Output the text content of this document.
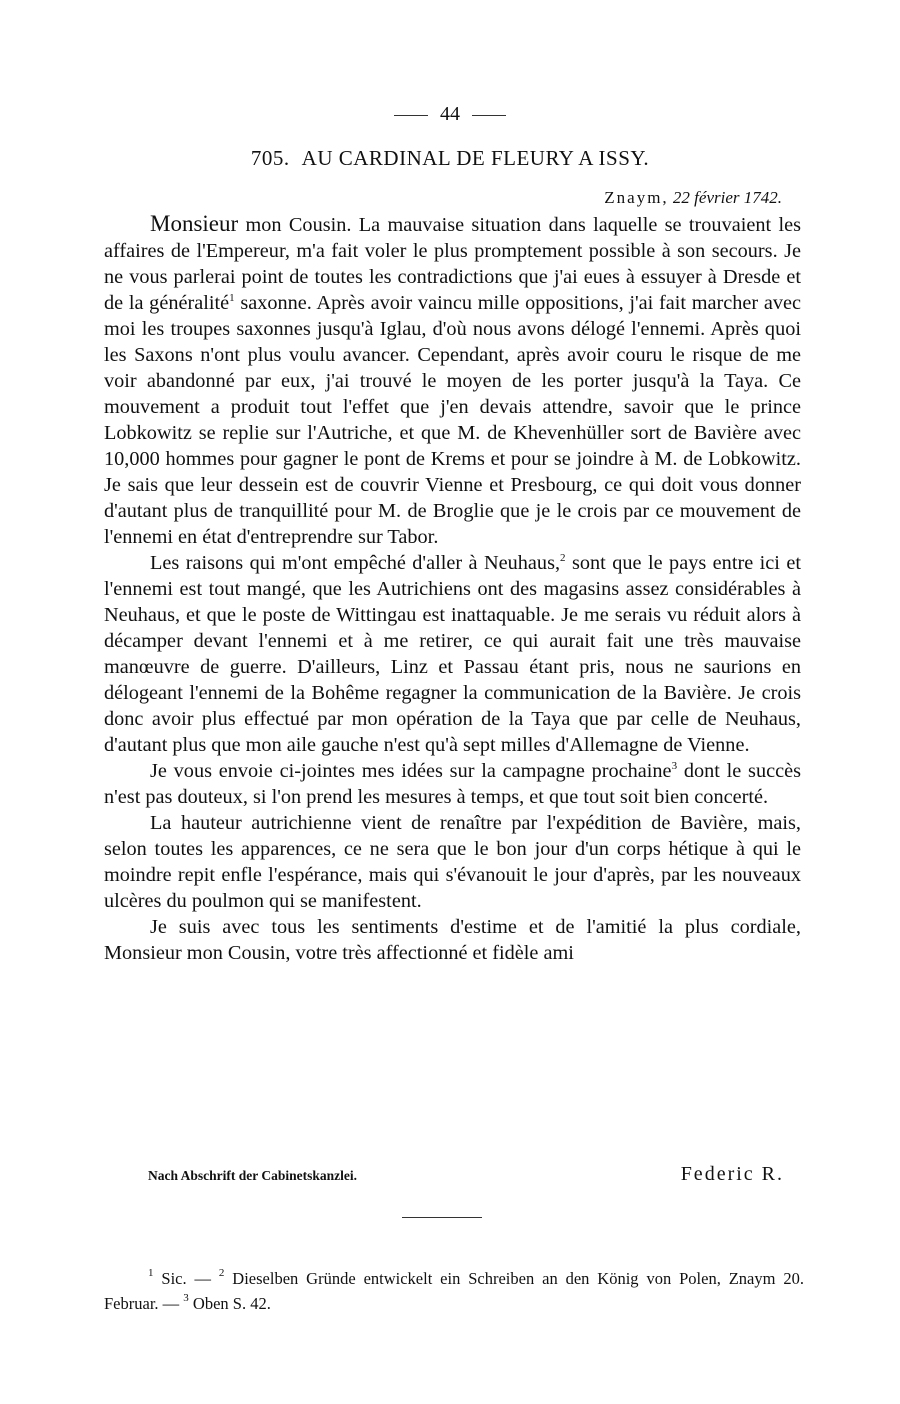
44
705. AU CARDINAL DE FLEURY A ISSY.
Znaym, 22 février 1742.

Monsieur mon Cousin. La mauvaise situation dans laquelle se trouvaient les affaires de l'Empereur, m'a fait voler le plus promptement possible à son secours. Je ne vous parlerai point de toutes les contradictions que j'ai eues à essuyer à Dresde et de la généralité$^1$ saxonne. Après avoir vaincu mille oppositions, j'ai fait marcher avec moi les troupes saxonnes jusqu'à Iglau, d'où nous avons délogé l'ennemi. Après quoi les Saxons n'ont plus voulu avancer. Cependant, après avoir couru le risque de me voir abandonné par eux, j'ai trouvé le moyen de les porter jusqu'à la Taya. Ce mouvement a produit tout l'effet que j'en devais attendre, savoir que le prince Lobkowitz se replie sur l'Autriche, et que M. de Khevenhüller sort de Bavière avec 10,000 hommes pour gagner le pont de Krems et pour se joindre à M. de Lobkowitz. Je sais que leur dessein est de couvrir Vienne et Presbourg, ce qui doit vous donner d'autant plus de tranquillité pour M. de Broglie que je le crois par ce mouvement de l'ennemi en état d'entreprendre sur Tabor.

Les raisons qui m'ont empêché d'aller à Neuhaus,$^2$ sont que le pays entre ici et l'ennemi est tout mangé, que les Autrichiens ont des magasins assez considérables à Neuhaus, et que le poste de Wittingau est inattaquable. Je me serais vu réduit alors à décamper devant l'ennemi et à me retirer, ce qui aurait fait une très mauvaise manœuvre de guerre. D'ailleurs, Linz et Passau étant pris, nous ne saurions en délogeant l'ennemi de la Bohême regagner la communication de la Bavière. Je crois donc avoir plus effectué par mon opération de la Taya que par celle de Neuhaus, d'autant plus que mon aile gauche n'est qu'à sept milles d'Allemagne de Vienne.

Je vous envoie ci-jointes mes idées sur la campagne prochaine$^3$ dont le succès n'est pas douteux, si l'on prend les mesures à temps, et que tout soit bien concerté.

La hauteur autrichienne vient de renaître par l'expédition de Bavière, mais, selon toutes les apparences, ce ne sera que le bon jour d'un corps hétique à qui le moindre repit enfle l'espérance, mais qui s'évanouit le jour d'après, par les nouveaux ulcères du poulmon qui se manifestent.

Je suis avec tous les sentiments d'estime et de l'amitié la plus cordiale, Monsieur mon Cousin, votre très affectionné et fidèle ami

Nach Abschrift der Cabinetskanzlei.	Federic R.
$^1$ Sic. — $^2$ Dieselben Gründe entwickelt ein Schreiben an den König von Polen, Znaym 20. Februar. — $^3$ Oben S. 42.
